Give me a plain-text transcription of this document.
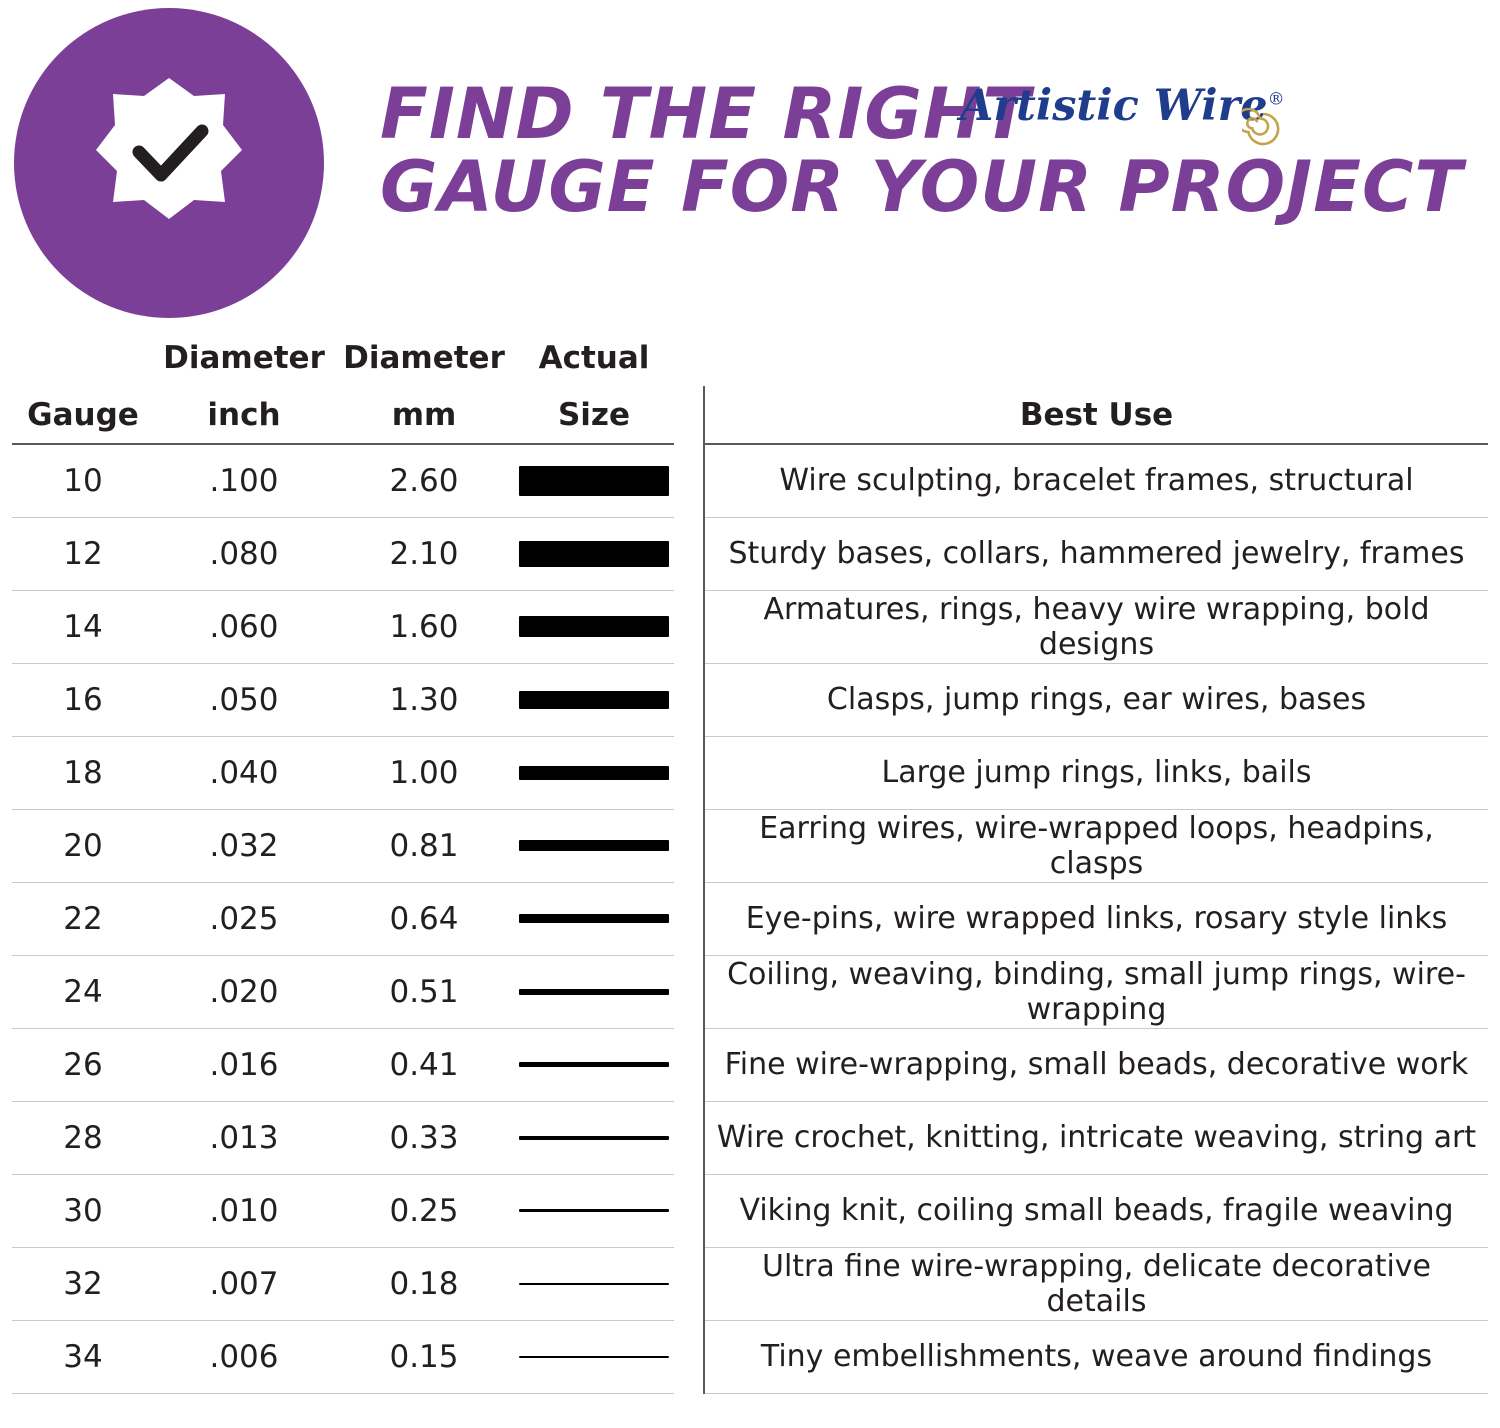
FIND THE RIGHT
Artistic Wire®
GAUGE FOR YOUR PROJECT
	Diameter	Diameter	Actual		
Gauge	inch	mm	Size		Best Use
10	.100	2.60			Wire sculpting, bracelet frames, structural
12	.080	2.10			Sturdy bases, collars, hammered jewelry, frames
14	.060	1.60			Armatures, rings, heavy wire wrapping, bold designs
16	.050	1.30			Clasps, jump rings, ear wires, bases
18	.040	1.00			Large jump rings, links, bails
20	.032	0.81			Earring wires, wire-wrapped loops, headpins, clasps
22	.025	0.64			Eye-pins, wire wrapped links, rosary style links
24	.020	0.51			Coiling, weaving, binding, small jump rings, wire-wrapping
26	.016	0.41			Fine wire-wrapping, small beads, decorative work
28	.013	0.33			Wire crochet, knitting, intricate weaving, string art
30	.010	0.25			Viking knit, coiling small beads, fragile weaving
32	.007	0.18			Ultra fine wire-wrapping, delicate decorative details
34	.006	0.15			Tiny embellishments, weave around findings
